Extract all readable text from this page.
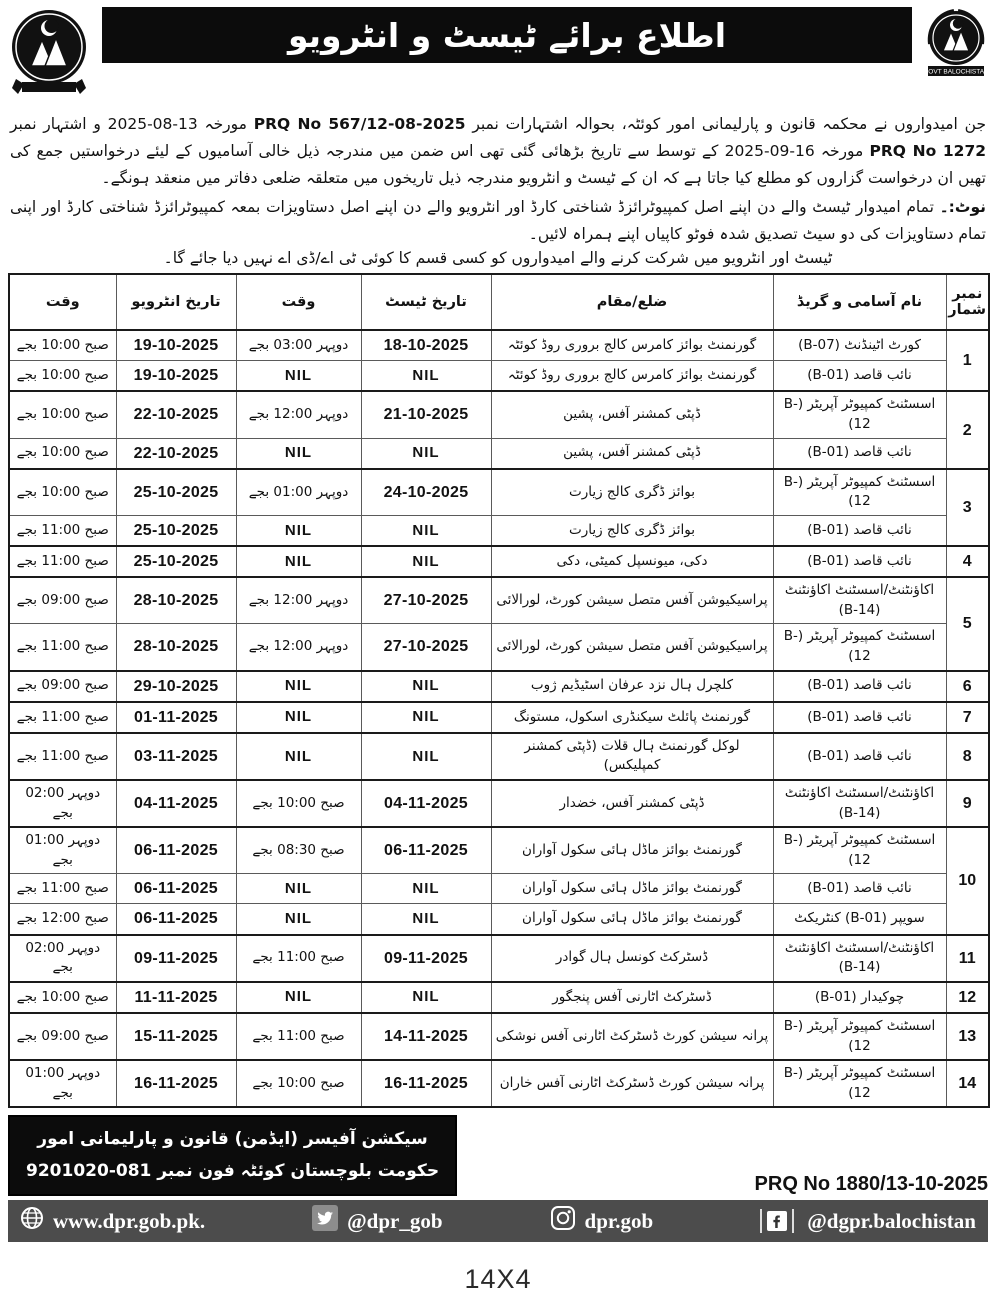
اطلاع برائے ٹیسٹ و انٹرویو
GOVT BALOCHISTAN

جن امیدواروں نے محکمہ قانون و پارلیمانی امور کوئٹہ، بحوالہ اشتہارات نمبر PRQ No 567/12-08-2025 مورخہ 13-08-2025 و اشتہار نمبر PRQ No 1272 مورخہ 16-09-2025 کے توسط سے تاریخ بڑھائی گئی تھی اس ضمن میں مندرجہ ذیل خالی آسامیوں کے لیئے درخواستیں جمع کی تھیں ان درخواست گزاروں کو مطلع کیا جاتا ہے کہ ان کے ٹیسٹ و انٹرویو مندرجہ ذیل تاریخوں میں متعلقہ ضلعی دفاتر میں منعقد ہونگے۔

نوٹ:۔ تمام امیدوار ٹیسٹ والے دن اپنے اصل کمپیوٹرائزڈ شناختی کارڈ اور انٹرویو والے دن اپنے اصل دستاویزات بمعہ کمپیوٹرائزڈ شناختی کارڈ اور اپنی تمام دستاویزات کی دو سیٹ تصدیق شدہ فوٹو کاپیاں اپنے ہمراہ لائیں۔

ٹیسٹ اور انٹرویو میں شرکت کرنے والے امیدواروں کو کسی قسم کا کوئی ٹی اے/ڈی اے نہیں دیا جائے گا۔

نمبر شمار	نام آسامی و گریڈ	ضلع/مقام	تاریخ ٹیسٹ	وقت	تاریخ انٹرویو	وقت
1	کورٹ اٹینڈنٹ (B-07)	گورنمنٹ بوائز کامرس کالج بروری روڈ کوئٹہ	18-10-2025	دوپہر 03:00 بجے	19-10-2025	صبح 10:00 بجے
	نائب قاصد (B-01)	گورنمنٹ بوائز کامرس کالج بروری روڈ کوئٹہ	NIL	NIL	19-10-2025	صبح 10:00 بجے
2	اسسٹنٹ کمپیوٹر آپریٹر (B-12)	ڈپٹی کمشنر آفس، پشین	21-10-2025	دوپہر 12:00 بجے	22-10-2025	صبح 10:00 بجے
	نائب قاصد (B-01)	ڈپٹی کمشنر آفس، پشین	NIL	NIL	22-10-2025	صبح 10:00 بجے
3	اسسٹنٹ کمپیوٹر آپریٹر (B-12)	بوائز ڈگری کالج زیارت	24-10-2025	دوپہر 01:00 بجے	25-10-2025	صبح 10:00 بجے
	نائب قاصد (B-01)	بوائز ڈگری کالج زیارت	NIL	NIL	25-10-2025	صبح 11:00 بجے
4	نائب قاصد (B-01)	دکی، میونسپل کمیٹی، دکی	NIL	NIL	25-10-2025	صبح 11:00 بجے
5	اکاؤنٹنٹ/اسسٹنٹ اکاؤنٹنٹ (B-14)	پراسیکیوشن آفس متصل سیشن کورٹ، لورالائی	27-10-2025	دوپہر 12:00 بجے	28-10-2025	صبح 09:00 بجے
	اسسٹنٹ کمپیوٹر آپریٹر (B-12)	پراسیکیوشن آفس متصل سیشن کورٹ، لورالائی	27-10-2025	دوپہر 12:00 بجے	28-10-2025	صبح 11:00 بجے
6	نائب قاصد (B-01)	کلچرل ہال نزد عرفان اسٹیڈیم ژوب	NIL	NIL	29-10-2025	صبح 09:00 بجے
7	نائب قاصد (B-01)	گورنمنٹ پائلٹ سیکنڈری اسکول، مستونگ	NIL	NIL	01-11-2025	صبح 11:00 بجے
8	نائب قاصد (B-01)	لوکل گورنمنٹ ہال قلات (ڈپٹی کمشنر کمپلیکس)	NIL	NIL	03-11-2025	صبح 11:00 بجے
9	اکاؤنٹنٹ/اسسٹنٹ اکاؤنٹنٹ (B-14)	ڈپٹی کمشنر آفس، خضدار	04-11-2025	صبح 10:00 بجے	04-11-2025	دوپہر 02:00 بجے
10	اسسٹنٹ کمپیوٹر آپریٹر (B-12)	گورنمنٹ بوائز ماڈل ہائی سکول آواران	06-11-2025	صبح 08:30 بجے	06-11-2025	دوپہر 01:00 بجے
	نائب قاصد (B-01)	گورنمنٹ بوائز ماڈل ہائی سکول آواران	NIL	NIL	06-11-2025	صبح 11:00 بجے
	سویپر (B-01) کنٹریکٹ	گورنمنٹ بوائز ماڈل ہائی سکول آواران	NIL	NIL	06-11-2025	صبح 12:00 بجے
11	اکاؤنٹنٹ/اسسٹنٹ اکاؤنٹنٹ (B-14)	ڈسٹرکٹ کونسل ہال گوادر	09-11-2025	صبح 11:00 بجے	09-11-2025	دوپہر 02:00 بجے
12	چوکیدار (B-01)	ڈسٹرکٹ اٹارنی آفس پنجگور	NIL	NIL	11-11-2025	صبح 10:00 بجے
13	اسسٹنٹ کمپیوٹر آپریٹر (B-12)	پرانہ سیشن کورٹ ڈسٹرکٹ اٹارنی آفس نوشکی	14-11-2025	صبح 11:00 بجے	15-11-2025	صبح 09:00 بجے
14	اسسٹنٹ کمپیوٹر آپریٹر (B-12)	پرانہ سیشن کورٹ ڈسٹرکٹ اٹارنی آفس خاران	16-11-2025	صبح 10:00 بجے	16-11-2025	دوپہر 01:00 بجے
سیکشن آفیسر (ایڈمن) قانون و پارلیمانی امور
حکومت بلوچستان کوئٹہ فون نمبر 081-9201020
PRQ No 1880/13-10-2025
www.dpr.gob.pk.	@dpr_gob	dpr.gob	@dgpr.balochistan
14X4
